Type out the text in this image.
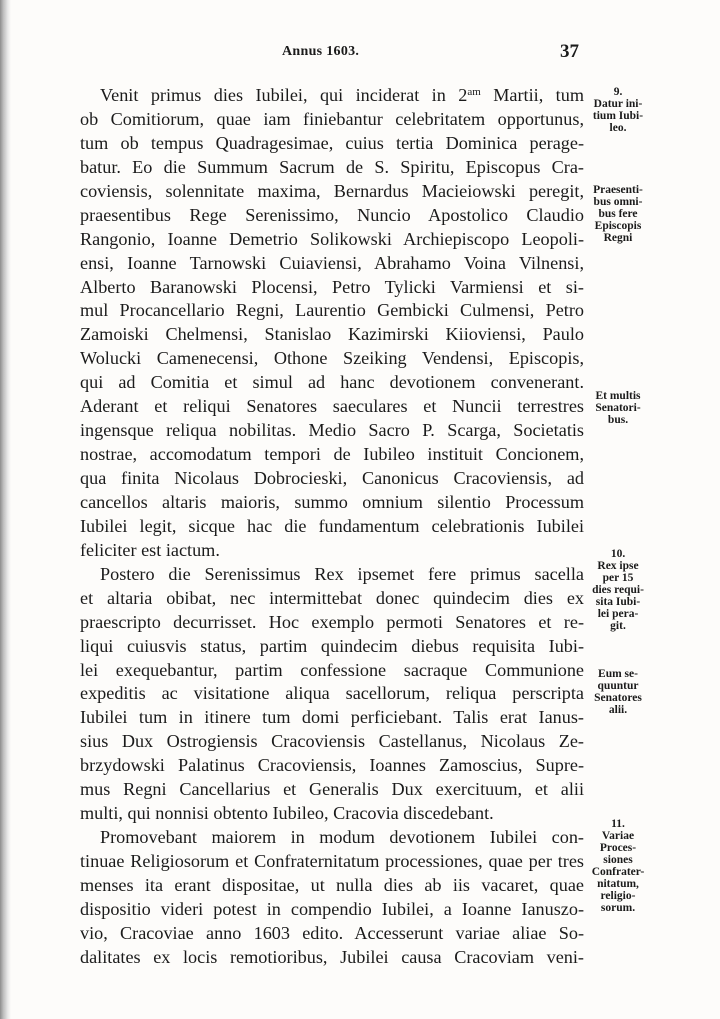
Annus 1603.	37
Venit primus dies Iubilei, qui inciderat in $2^{am}$ Martii, tum
ob Comitiorum, quae iam finiebantur celebritatem opportunus,
tum ob tempus Quadragesimae, cuius tertia Dominica perage-
batur. Eo die Summum Sacrum de S. Spiritu, Episcopus Cra-
coviensis, solennitate maxima, Bernardus Macieiowski peregit,
praesentibus Rege Serenissimo, Nuncio Apostolico Claudio
Rangonio, Ioanne Demetrio Solikowski Archiepiscopo Leopoli-
ensi, Ioanne Tarnowski Cuiaviensi, Abrahamo Voina Vilnensi,
Alberto Baranowski Plocensi, Petro Tylicki Varmiensi et si-
mul Procancellario Regni, Laurentio Gembicki Culmensi, Petro
Zamoiski Chelmensi, Stanislao Kazimirski Kiioviensi, Paulo
Wolucki Camenecensi, Othone Szeiking Vendensi, Episcopis,
qui ad Comitia et simul ad hanc devotionem convenerant.
Aderant et reliqui Senatores saeculares et Nuncii terrestres
ingensque reliqua nobilitas. Medio Sacro P. Scarga, Societatis
nostrae, accomodatum tempori de Iubileo instituit Concionem,
qua finita Nicolaus Dobrocieski, Canonicus Cracoviensis, ad
cancellos altaris maioris, summo omnium silentio Processum
Iubilei legit, sicque hac die fundamentum celebrationis Iubilei
feliciter est iactum.
Postero die Serenissimus Rex ipsemet fere primus sacella
et altaria obibat, nec intermittebat donec quindecim dies ex
praescripto decurrisset. Hoc exemplo permoti Senatores et re-
liqui cuiusvis status, partim quindecim diebus requisita Iubi-
lei exequebantur, partim confessione sacraque Communione
expeditis ac visitatione aliqua sacellorum, reliqua perscripta
Iubilei tum in itinere tum domi perficiebant. Talis erat Ianus-
sius Dux Ostrogiensis Cracoviensis Castellanus, Nicolaus Ze-
brzydowski Palatinus Cracoviensis, Ioannes Zamoscius, Supre-
mus Regni Cancellarius et Generalis Dux exercituum, et alii
multi, qui nonnisi obtento Iubileo, Cracovia discedebant.
Promovebant maiorem in modum devotionem Iubilei con-
tinuae Religiosorum et Confraternitatum processiones, quae per tres
menses ita erant dispositae, ut nulla dies ab iis vacaret, quae
dispositio videri potest in compendio Iubilei, a Ioanne Ianuszo-
vio, Cracoviae anno 1603 edito. Accesserunt variae aliae So-
dalitates ex locis remotioribus, Jubilei causa Cracoviam veni-
9.
Datur ini-
tium Iubi-
leo.
Praesenti-
bus omni-
bus fere
Episcopis
Regni
Et multis
Senatori-
bus.
10.
Rex ipse
per 15
dies requi-
sita Iubi-
lei pera-
git.
Eum se-
quuntur
Senatores
alii.
11.
Variae
Proces-
siones
Confrater-
nitatum,
religio-
sorum.
